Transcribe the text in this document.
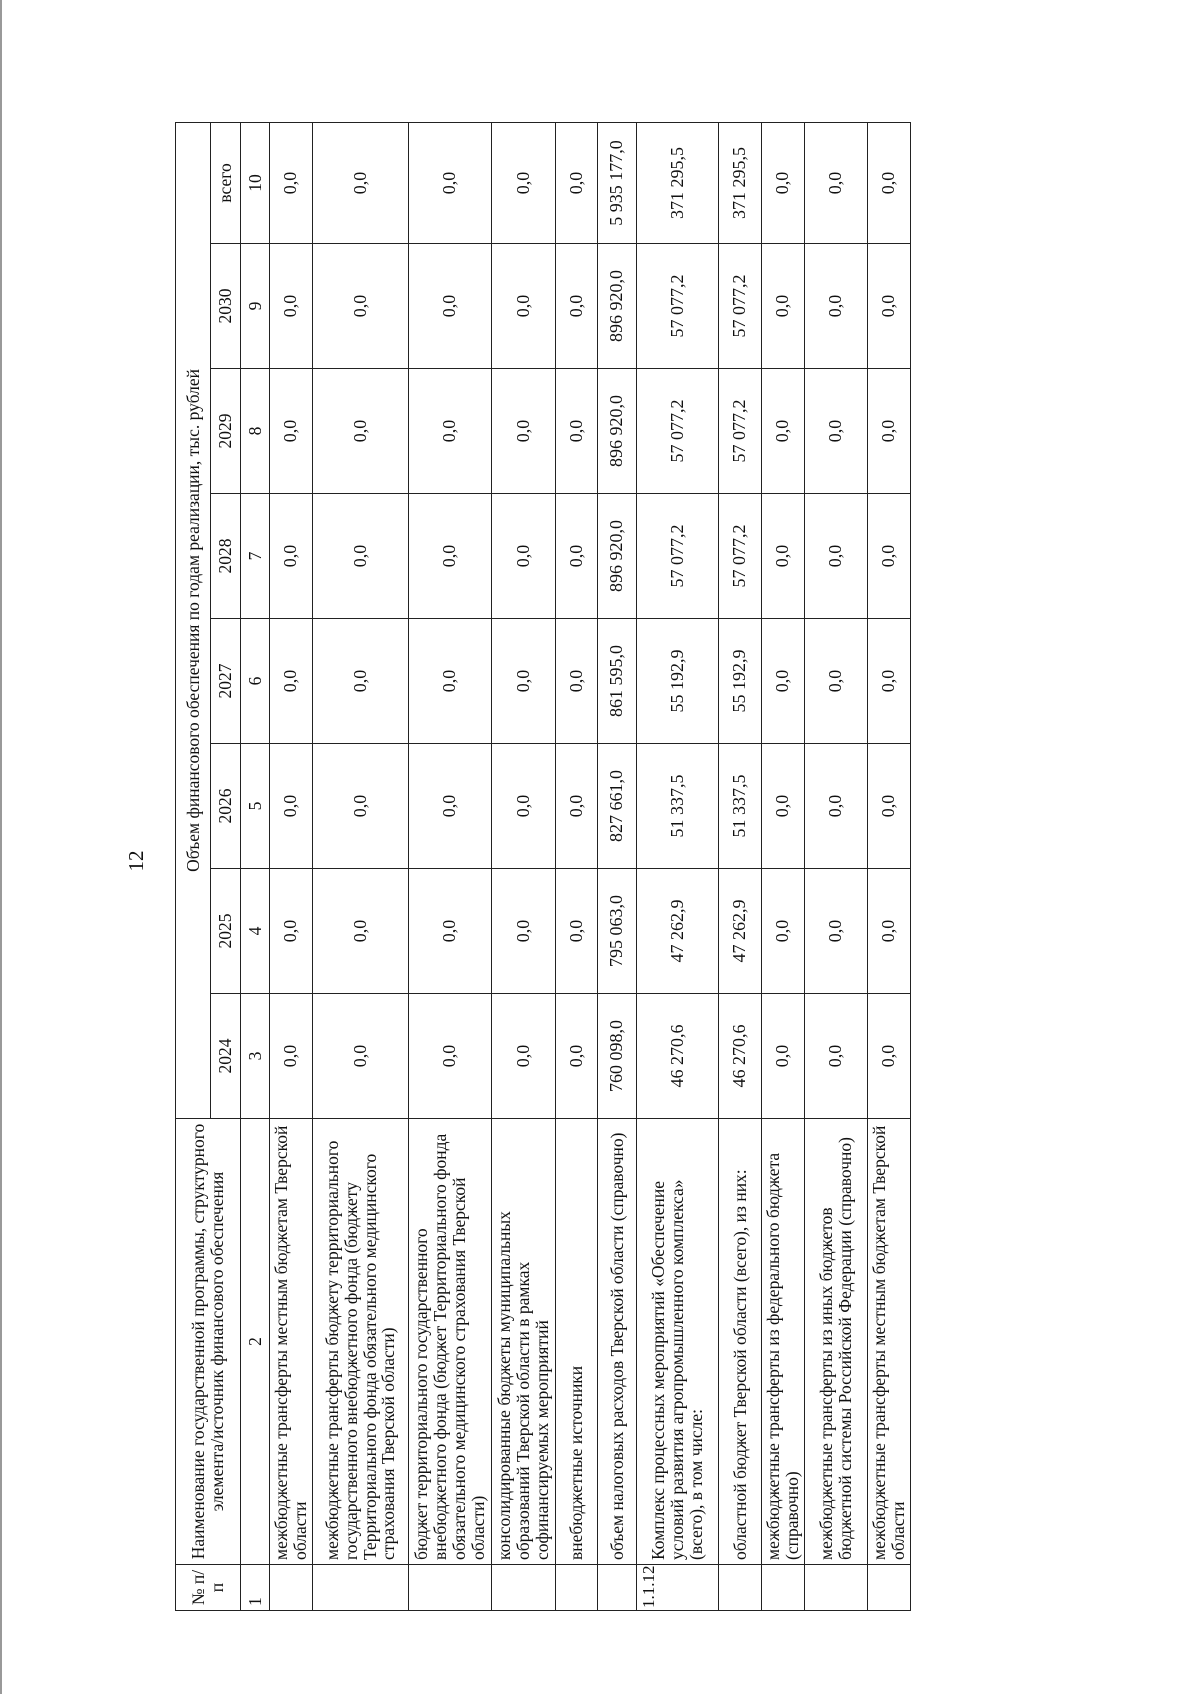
12
№ п/п	Наименование государственной программы, структурного элемента/источник финансового обеспечения	Объем финансового обеспечения по годам реализации, тыс. рублей							
		2024	2025	2026	2027	2028	2029	2030	всего
1	2	3	4	5	6	7	8	9	10
	межбюджетные трансферты местным бюджетам Тверской области	0,0	0,0	0,0	0,0	0,0	0,0	0,0	0,0
	межбюджетные трансферты бюджету территориального государственного внебюджетного фонда (бюджету Территориального фонда обязательного медицинского страхования Тверской области)	0,0	0,0	0,0	0,0	0,0	0,0	0,0	0,0
	бюджет территориального государственного внебюджетного фонда (бюджет Территориального фонда обязательного медицинского страхования Тверской области)	0,0	0,0	0,0	0,0	0,0	0,0	0,0	0,0
	консолидированные бюджеты муниципальных образований Тверской области в рамках софинансируемых мероприятий	0,0	0,0	0,0	0,0	0,0	0,0	0,0	0,0
	внебюджетные источники	0,0	0,0	0,0	0,0	0,0	0,0	0,0	0,0
	объем налоговых расходов Тверской области (справочно)	760 098,0	795 063,0	827 661,0	861 595,0	896 920,0	896 920,0	896 920,0	5 935 177,0
1.1.12	Комплекс процессных мероприятий «Обеспечение условий развития агропромышленного комплекса» (всего), в том числе:	46 270,6	47 262,9	51 337,5	55 192,9	57 077,2	57 077,2	57 077,2	371 295,5
	областной бюджет Тверской области (всего), из них:	46 270,6	47 262,9	51 337,5	55 192,9	57 077,2	57 077,2	57 077,2	371 295,5
	межбюджетные трансферты из федерального бюджета (справочно)	0,0	0,0	0,0	0,0	0,0	0,0	0,0	0,0
	межбюджетные трансферты из иных бюджетов бюджетной системы Российской Федерации (справочно)	0,0	0,0	0,0	0,0	0,0	0,0	0,0	0,0
	межбюджетные трансферты местным бюджетам Тверской области	0,0	0,0	0,0	0,0	0,0	0,0	0,0	0,0
